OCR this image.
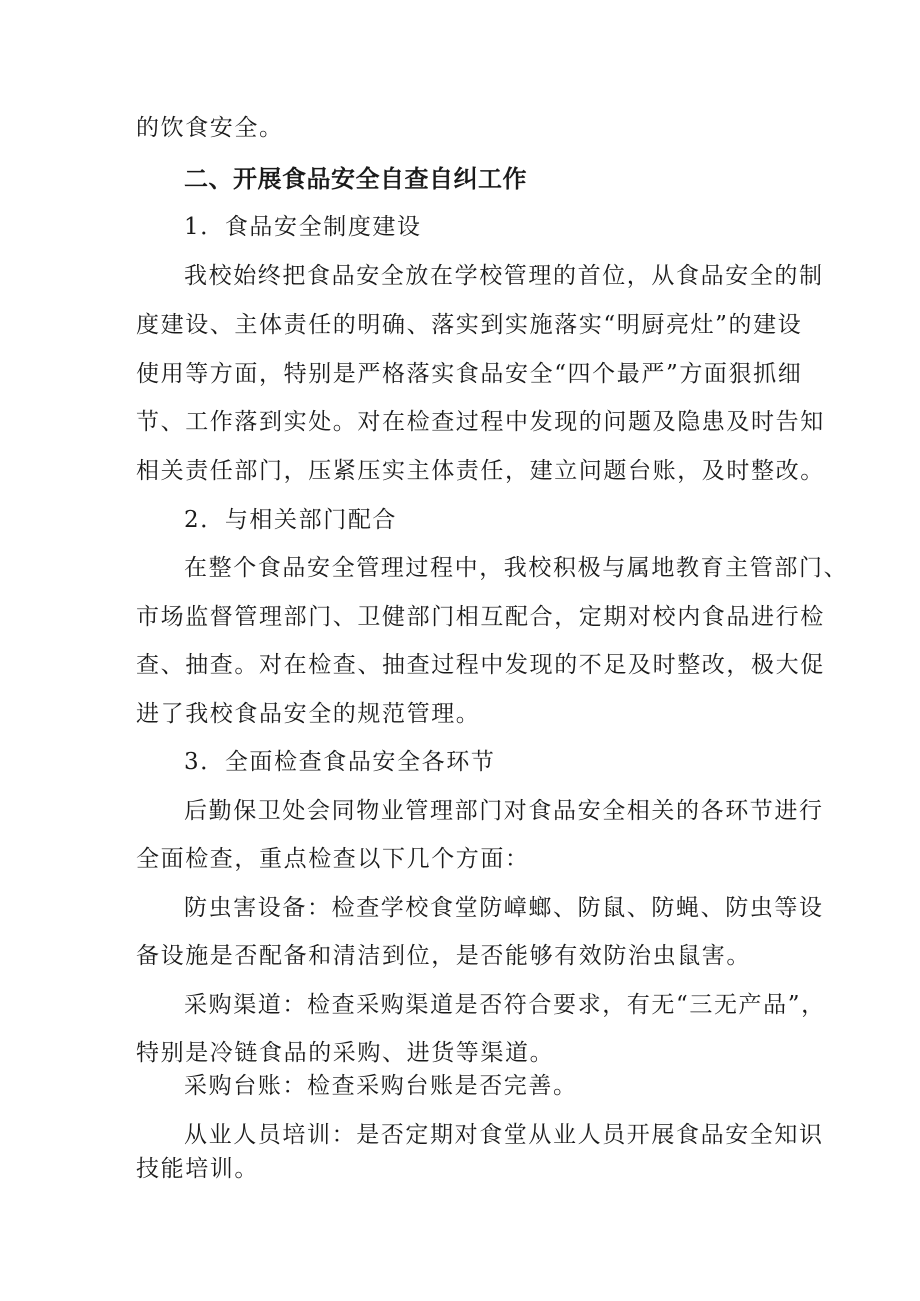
的饮食安全。
二、开展食品安全自查自纠工作
1．食品安全制度建设
我校始终把食品安全放在学校管理的首位，从食品安全的制
度建设、主体责任的明确、落实到实施落实“明厨亮灶”的建设
使用等方面，特别是严格落实食品安全“四个最严”方面狠抓细
节、工作落到实处。对在检查过程中发现的问题及隐患及时告知
相关责任部门，压紧压实主体责任，建立问题台账，及时整改。
2．与相关部门配合
在整个食品安全管理过程中，我校积极与属地教育主管部门、
市场监督管理部门、卫健部门相互配合，定期对校内食品进行检
查、抽查。对在检查、抽查过程中发现的不足及时整改，极大促
进了我校食品安全的规范管理。
3．全面检查食品安全各环节
后勤保卫处会同物业管理部门对食品安全相关的各环节进行
全面检查，重点检查以下几个方面：
防虫害设备：检查学校食堂防嶂螂、防鼠、防蝇、防虫等设
备设施是否配备和清洁到位，是否能够有效防治虫鼠害。
采购渠道：检查采购渠道是否符合要求，有无“三无产品”，
特别是冷链食品的采购、进货等渠道。
采购台账：检查采购台账是否完善。
从业人员培训：是否定期对食堂从业人员开展食品安全知识
技能培训。
